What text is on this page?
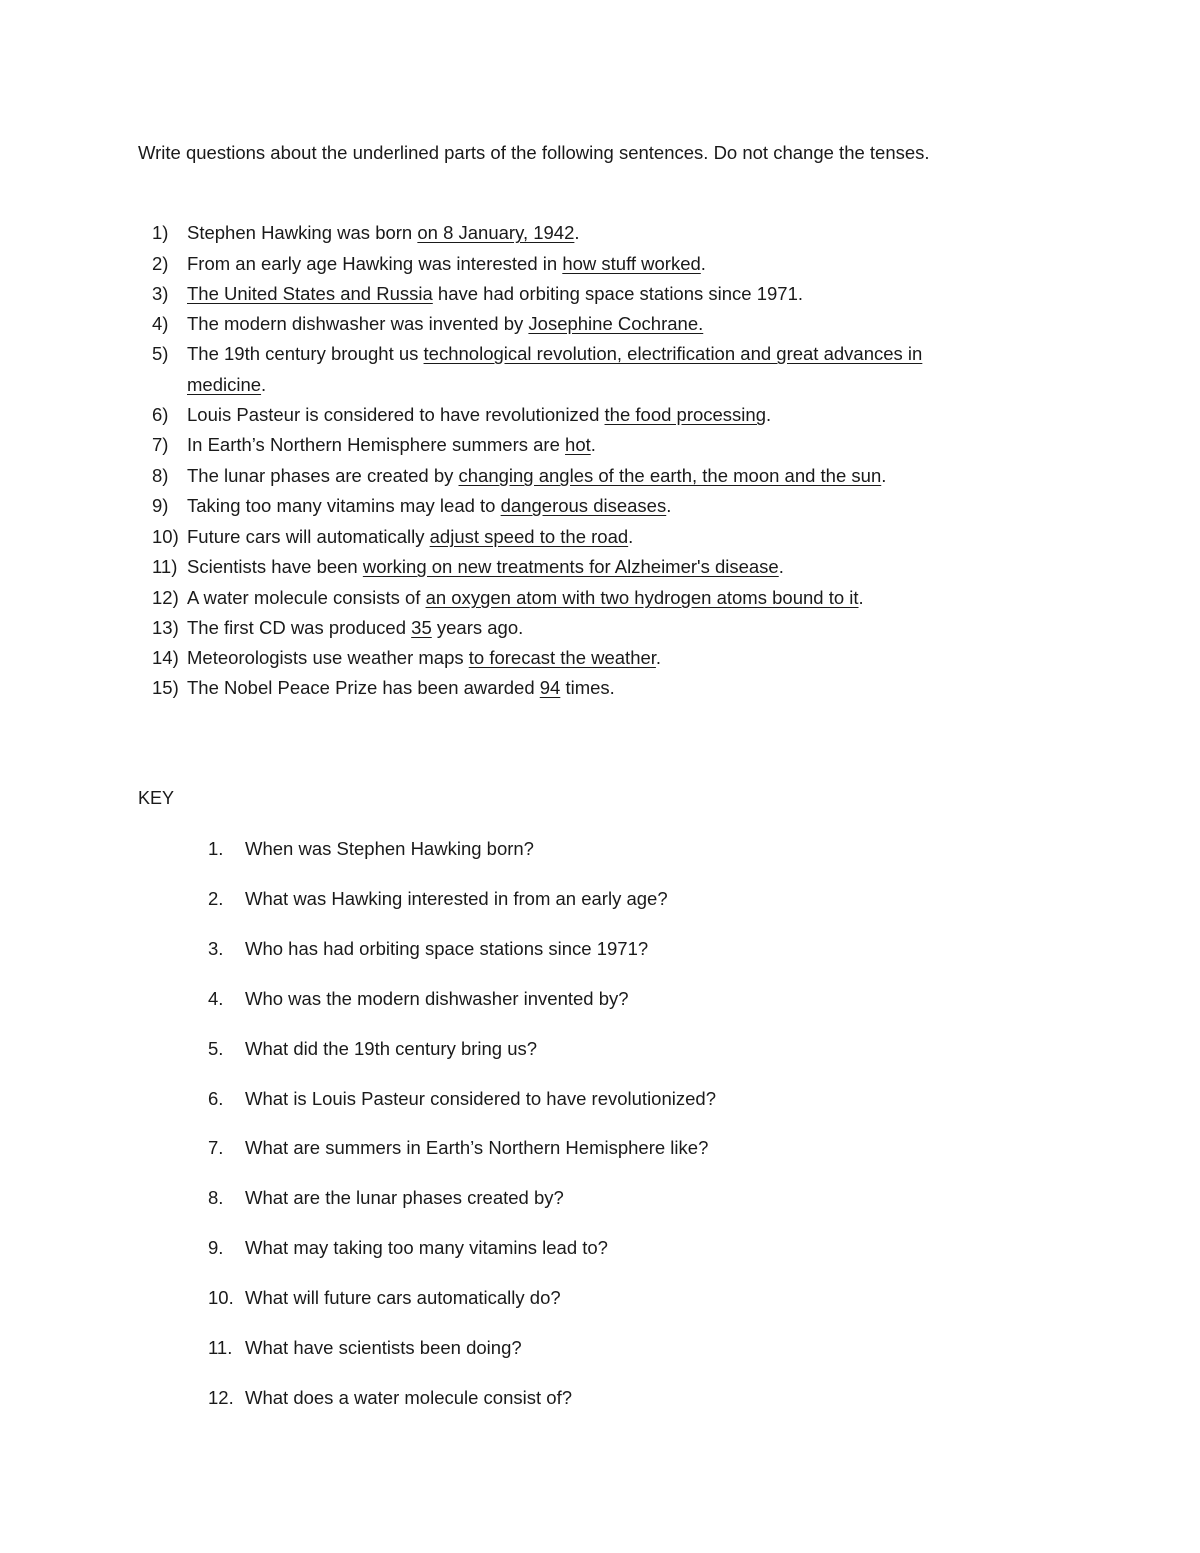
Write questions about the underlined parts of the following sentences. Do not change the tenses.
1)	Stephen Hawking was born on 8 January, 1942.
2)	From an early age Hawking was interested in how stuff worked.
3)	The United States and Russia have had orbiting space stations since 1971.
4)	The modern dishwasher was invented by Josephine Cochrane.
5)	The 19th century brought us technological revolution, electrification and great advances in
medicine.
6)	Louis Pasteur is considered to have revolutionized the food processing.
7)	In Earth’s Northern Hemisphere summers are hot.
8)	The lunar phases are created by changing angles of the earth, the moon and the sun.
9)	Taking too many vitamins may lead to dangerous diseases.
10) Future cars will automatically adjust speed to the road.
11) Scientists have been working on new treatments for Alzheimer's disease.
12) A water molecule consists of an oxygen atom with two hydrogen atoms bound to it.
13) The first CD was produced 35 years ago.
14) Meteorologists use weather maps to forecast the weather.
15) The Nobel Peace Prize has been awarded 94 times.
KEY
1.	When was Stephen Hawking born?
2.	What was Hawking interested in from an early age?
3.	Who has had orbiting space stations since 1971?
4.	Who was the modern dishwasher invented by?
5.	What did the 19th century bring us?
6.	What is Louis Pasteur considered to have revolutionized?
7.	What are summers in Earth’s Northern Hemisphere like?
8.	What are the lunar phases created by?
9.	What may taking too many vitamins lead to?
10. What will future cars automatically do?
11. What have scientists been doing?
12. What does a water molecule consist of?
